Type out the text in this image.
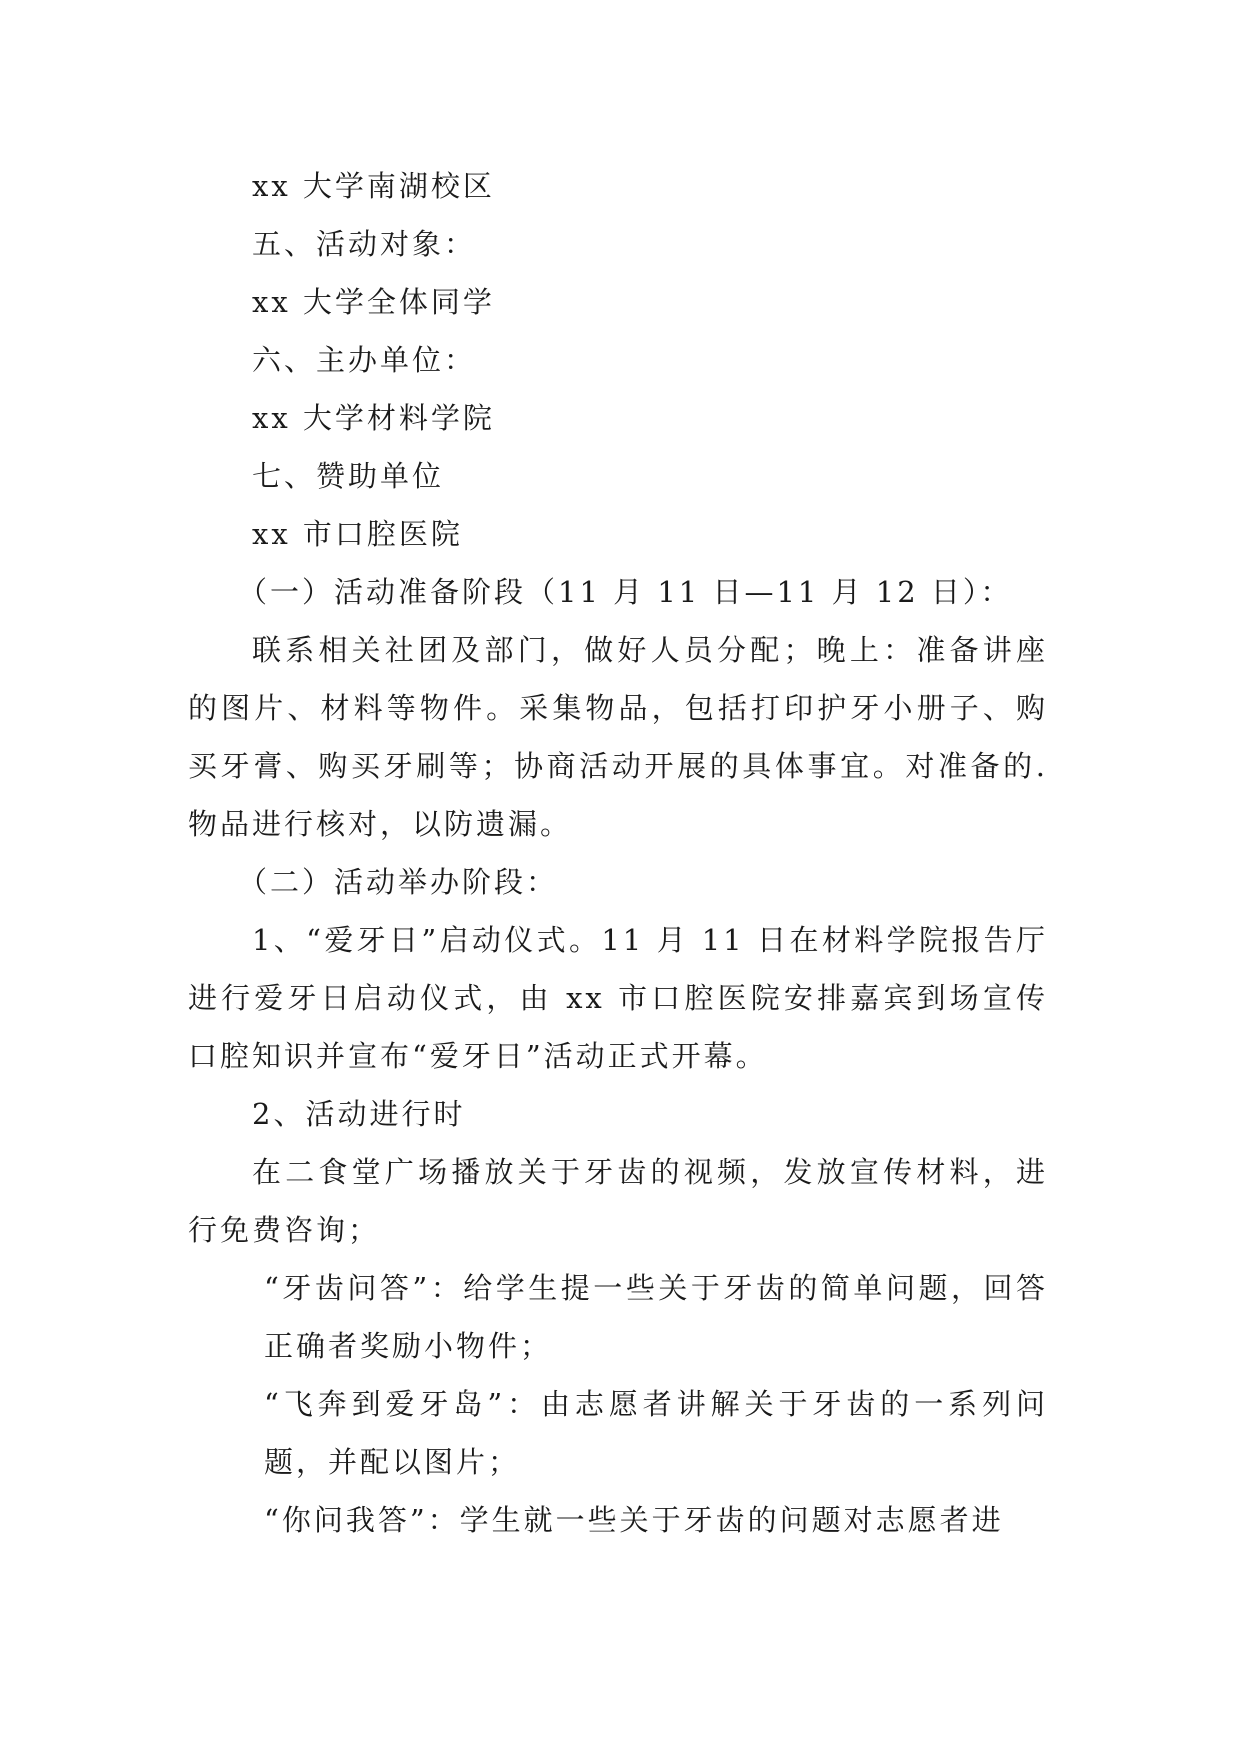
xx 大学南湖校区
五、活动对象：
xx 大学全体同学
六、主办单位：
xx 大学材料学院
七、赞助单位
xx 市口腔医院
（一）活动准备阶段（11 月 11 日—11 月 12 日）：
联系相关社团及部门，做好人员分配；晚上：准备讲座的图片、材料等物件。采集物品，包括打印护牙小册子、购买牙膏、购买牙刷等；协商活动开展的具体事宜。对准备的.物品进行核对，以防遗漏。
（二）活动举办阶段：
1、“爱牙日”启动仪式。11 月 11 日在材料学院报告厅进行爱牙日启动仪式，由 xx 市口腔医院安排嘉宾到场宣传口腔知识并宣布“爱牙日”活动正式开幕。
2、活动进行时
在二食堂广场播放关于牙齿的视频，发放宣传材料，进行免费咨询；
“牙齿问答”：给学生提一些关于牙齿的简单问题，回答正确者奖励小物件；
“飞奔到爱牙岛”：由志愿者讲解关于牙齿的一系列问题，并配以图片；
“你问我答”：学生就一些关于牙齿的问题对志愿者进
